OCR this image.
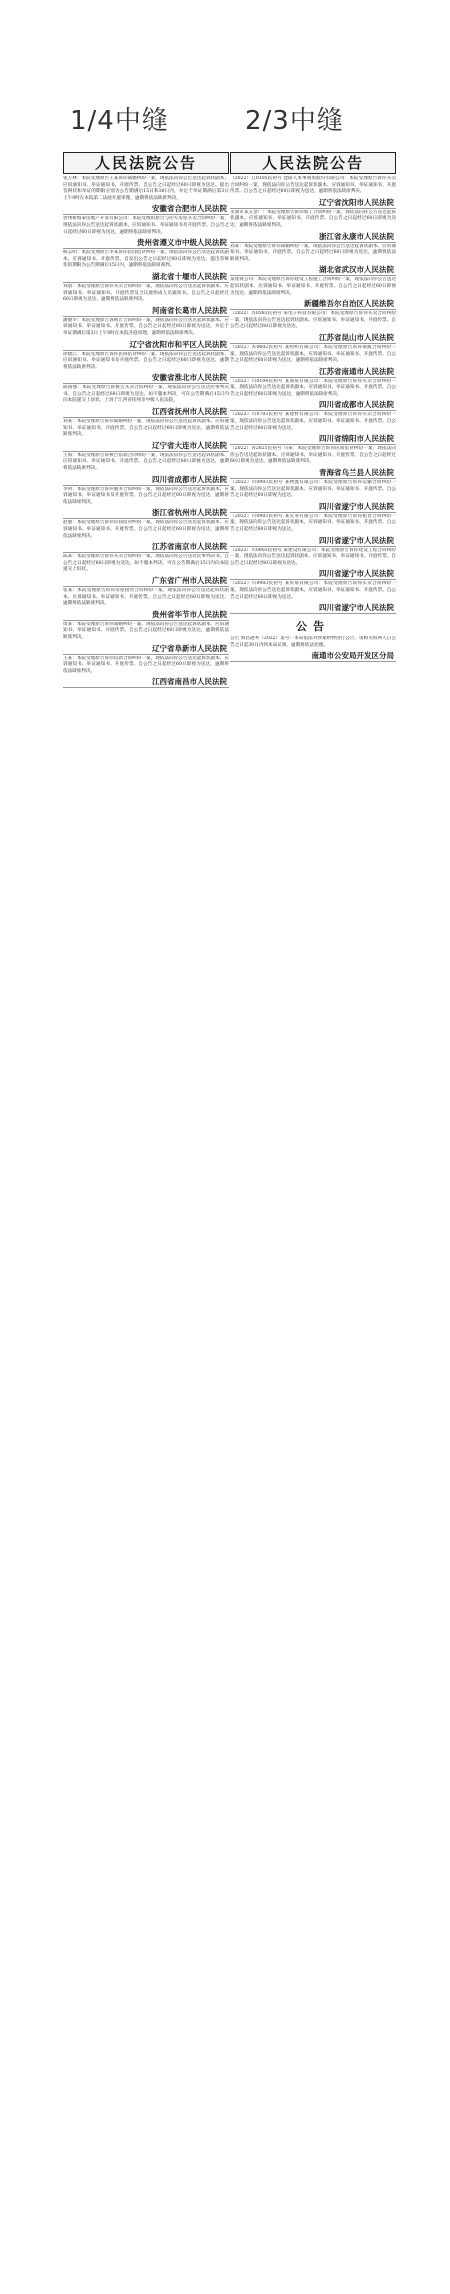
1/4中缝	2/3中缝
人民法院公告
张万林：本院受理原告王某诉你离婚纠纷一案，现依法向你公告送达起诉状副本、应诉通知书、举证通知书、开庭传票。自公告之日起经过60日即视为送达。提出答辩状和举证的期限分别为公告期满后15日和30日内，并定于举证期满后第3日上午9时在本院第二法庭开庭审理，逾期将依法缺席判决。
安徽省合肥市人民法院
贵州新坡泰房地产开发有限公司：本院受理的原告与你方房屋买卖合同纠纷一案，现依法向你公告送达起诉状副本、应诉通知书、举证通知书及开庭传票。自公告之日起经过60日即视为送达，逾期将依法缺席判决。
贵州省遵义市中级人民法院
杨志明：本院受理原告李某诉你民间借贷纠纷一案，现依法向你公告送达起诉状副本、应诉通知书、开庭传票。自发出公告之日起经过60日即视为送达。提出答辩状的期限为公告期满后15日内，逾期将依法缺席裁判。
湖北省十堰市人民法院
刘晨：本院受理原告诉你买卖合同纠纷一案，现依法向你公告送达起诉状副本、应诉通知书、举证通知书、开庭传票及合议庭组成人员通知书。自公告之日起经过60日即视为送达，逾期将依法缺席判决。
河南省长葛市人民法院
潘德华：本院受理原告诉被告合同纠纷一案，现依法向你公告送达起诉状副本、应诉通知书、举证通知书、开庭传票。自公告之日起经过60日即视为送达，并定于举证期满后第3日上午9时在本院开庭审理，逾期将依法缺席判决。
辽宁省沈阳市和平区人民法院
徐德江：本院受理原告诉你民间借贷纠纷一案，现依法向你公告送达起诉状副本、应诉通知书、举证通知书及开庭传票。自公告之日起经过60日即视为送达，逾期将依法缺席判决。
安徽省淮北市人民法院
陈国强：本院受理原告诉被告买卖合同纠纷一案，现依法向你公告送达民事判决书。自公告之日起经过60日即视为送达。如不服本判决，可在公告期满后15日内向本院递交上诉状，上诉于江西省抚州市中级人民法院。
江西省抚州市人民法院
刘某：本院受理原告诉你离婚纠纷一案，现依法向你公告送达起诉状副本、应诉通知书、举证通知书、开庭传票。自公告之日起经过60日即视为送达，逾期将依法缺席判决。
辽宁省大连市人民法院
王海：本院受理原告诉被告借款合同纠纷一案，现依法向你公告送达起诉状副本、应诉通知书、举证通知书、开庭传票。自公告之日起经过60日即视为送达，逾期将依法缺席判决。
四川省成都市人民法院
李明：本院受理原告诉你服务合同纠纷一案，现依法向你公告送达起诉状副本、应诉通知书、举证通知书及开庭传票。自公告之日起经过60日即视为送达，逾期将依法缺席判决。
浙江省杭州市人民法院
赵强：本院受理原告诉你民间借贷纠纷一案，现依法向你公告送达起诉状副本、应诉通知书、举证通知书、开庭传票。自公告之日起经过60日即视为送达，逾期将依法缺席判决。
江苏省南京市人民法院
陈某：本院受理原告诉你买卖合同纠纷一案，现依法向你公告送达民事判决书。自公告之日起经过60日即视为送达。如不服本判决，可在公告期满后15日内向本院递交上诉状。
广东省广州市人民法院
张某：本院受理原告诉你房屋租赁合同纠纷一案，现依法向你公告送达起诉状副本、应诉通知书、举证通知书、开庭传票。自公告之日起经过60日即视为送达，逾期将依法缺席判决。
贵州省毕节市人民法院
周某：本院受理原告诉你离婚纠纷一案，现依法向你公告送达起诉状副本、应诉通知书、举证通知书、开庭传票。自公告之日起经过60日即视为送达，逾期将依法缺席判决。
辽宁省阜新市人民法院
王某：本院受理原告诉你借款合同纠纷一案，现依法向你公告送达起诉状副本、应诉通知书、举证通知书、开庭传票。自公告之日起经过60日即视为送达，逾期将依法缺席判决。
江西省南昌市人民法院
人民法院公告
（2022）辽0105民初号 沈阳人本事商贸股份有限公司：本院受理原告诉你买卖合同纠纷一案，现依法向你公告送达起诉状副本、应诉通知书、举证通知书、开庭传票。自公告之日起经过60日即视为送达，逾期将依法缺席判决。
辽宁省沈阳市人民法院
永康市某五金厂：本院受理原告诉你加工合同纠纷一案，现依法向你公告送达起诉状副本、应诉通知书、举证通知书、开庭传票。自公告之日起经过60日即视为送达，逾期将依法缺席判决。
浙江省永康市人民法院
刘某：本院受理原告诉你离婚纠纷一案，现依法向你公告送达起诉状副本、应诉通知书、举证通知书、开庭传票。自公告之日起经过60日即视为送达，逾期将依法缺席判决。
湖北省武汉市人民法院
某建筑公司：本院受理原告诉你建设工程施工合同纠纷一案，现依法向你公告送达起诉状副本、应诉通知书、举证通知书、开庭传票。自公告之日起经过60日即视为送达，逾期将依法缺席判决。
新疆维吾尔自治区人民法院
（2022）苏0583民初号 某电子科技有限公司：本院受理原告诉你买卖合同纠纷一案，现依法向你公告送达起诉状副本、应诉通知书、举证通知书、开庭传票。自公告之日起经过60日即视为送达。
江苏省昆山市人民法院
（2022）苏0602民初号 某纺织有限公司：本院受理原告诉你承揽合同纠纷一案，现依法向你公告送达起诉状副本、应诉通知书、举证通知书、开庭传票。自公告之日起经过60日即视为送达，逾期将依法缺席判决。
江苏省南通市人民法院
（2022）川0104民初号 某商贸有限公司：本院受理原告诉你买卖合同纠纷一案，现依法向你公告送达起诉状副本、应诉通知书、举证通知书、开庭传票。自公告之日起经过60日即视为送达，逾期将依法缺席判决。
四川省成都市人民法院
（2022）川0703民初号 某建材有限公司：本院受理原告诉你买卖合同纠纷一案，现依法向你公告送达起诉状副本、应诉通知书、举证通知书、开庭传票。自公告之日起经过60日即视为送达。
四川省绵阳市人民法院
（2022）青2821民初号 马某：本院受理原告诉你民间借贷纠纷一案，现依法向你公告送达起诉状副本、应诉通知书、举证通知书、开庭传票。自公告之日起经过60日即视为送达，逾期将依法缺席判决。
青海省乌兰县人民法院
（2022）川0903民初号 某物流有限公司：本院受理原告诉你运输合同纠纷一案，现依法向你公告送达起诉状副本、应诉通知书、举证通知书、开庭传票。自公告之日起经过60日即视为送达。
四川省遂宁市人民法院
（2022）川0903民初号 某实业有限公司：本院受理原告诉你租赁合同纠纷一案，现依法向你公告送达起诉状副本、应诉通知书、举证通知书、开庭传票。自公告之日起经过60日即视为送达。
四川省遂宁市人民法院
（2022）川0903民初号 某建设有限公司：本院受理原告诉你建设工程合同纠纷一案，现依法向你公告送达起诉状副本、应诉通知书、举证通知书、开庭传票。自公告之日起经过60日即视为送达。
四川省遂宁市人民法院
（2022）川0903民初号 某贸易有限公司：本院受理原告诉你买卖合同纠纷一案，现依法向你公告送达起诉状副本、应诉通知书、举证通知书、开庭传票。自公告之日起经过60日即视为送达。
四川省遂宁市人民法院
公告
公告 海昌港务（2022）第号：本局依法对涉案财物进行公告，请相关权利人自公告之日起30日内到本局认领，逾期将依法处理。
南通市公安局开发区分局
